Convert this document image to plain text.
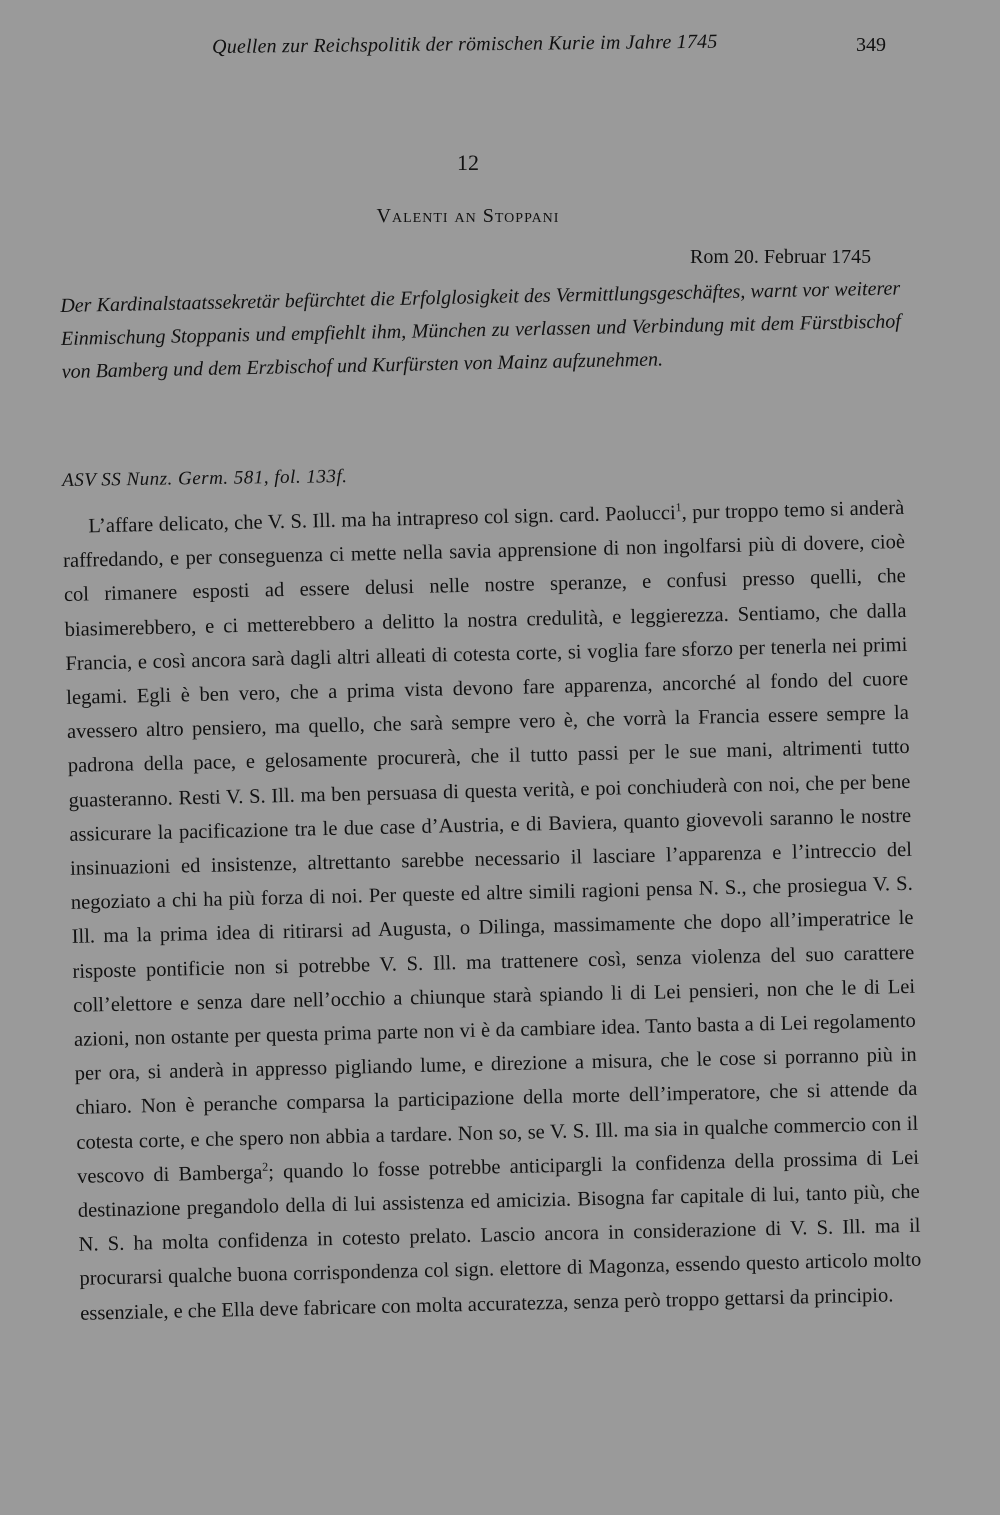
Quellen zur Reichspolitik der römischen Kurie im Jahre 1745	349
12
Valenti an Stoppani
Rom 20. Februar 1745
Der Kardinalstaatssekretär befürchtet die Erfolglosigkeit des Vermittlungsgeschäftes, warnt vor weiterer Einmischung Stoppanis und empfiehlt ihm, München zu verlassen und Verbindung mit dem Fürstbischof von Bamberg und dem Erzbischof und Kurfürsten von Mainz aufzunehmen.
ASV SS Nunz. Germ. 581, fol. 133f.

L’affare delicato, che V. S. Ill. ma ha intrapreso col sign. card. Paolucci$^1$, pur troppo temo si anderà raffredando, e per conseguenza ci mette nella savia apprensione di non ingolfarsi più di dovere, cioè col rimanere esposti ad essere delusi nelle nostre speranze, e confusi presso quelli, che biasimerebbero, e ci metterebbero a delitto la nostra credulità, e leggierezza. Sentiamo, che dalla Francia, e così ancora sarà dagli altri alleati di cotesta corte, si voglia fare sforzo per tenerla nei primi legami. Egli è ben vero, che a prima vista devono fare apparenza, ancorché al fondo del cuore avessero altro pensiero, ma quello, che sarà sempre vero è, che vorrà la Francia essere sempre la padrona della pace, e gelosamente procurerà, che il tutto passi per le sue mani, altrimenti tutto guasteranno. Resti V. S. Ill. ma ben persuasa di questa verità, e poi conchiuderà con noi, che per bene assicurare la pacificazione tra le due case d’Austria, e di Baviera, quanto giovevoli saranno le nostre insinuazioni ed insistenze, altrettanto sarebbe necessario il lasciare l’apparenza e l’intreccio del negoziato a chi ha più forza di noi. Per queste ed altre simili ragioni pensa N. S., che prosiegua V. S. Ill. ma la prima idea di ritirarsi ad Augusta, o Dilinga, massimamente che dopo all’imperatrice le risposte pontificie non si potrebbe V. S. Ill. ma trattenere così, senza violenza del suo carattere coll’elettore e senza dare nell’occhio a chiunque starà spiando li di Lei pensieri, non che le di Lei azioni, non ostante per questa prima parte non vi è da cambiare idea. Tanto basta a di Lei regolamento per ora, si anderà in appresso pigliando lume, e direzione a misura, che le cose si porranno più in chiaro. Non è peranche comparsa la participazione della morte dell’imperatore, che si attende da cotesta corte, e che spero non abbia a tardare. Non so, se V. S. Ill. ma sia in qualche commercio con il vescovo di Bamberga$^2$; quando lo fosse potrebbe anticipargli la confidenza della prossima di Lei destinazione pregandolo della di lui assistenza ed amicizia. Bisogna far capitale di lui, tanto più, che N. S. ha molta confidenza in cotesto prelato. Lascio ancora in considerazione di V. S. Ill. ma il procurarsi qualche buona corrispondenza col sign. elettore di Magonza, essendo questo articolo molto essenziale, e che Ella deve fabricare con molta accuratezza, senza però troppo gettarsi da principio.
